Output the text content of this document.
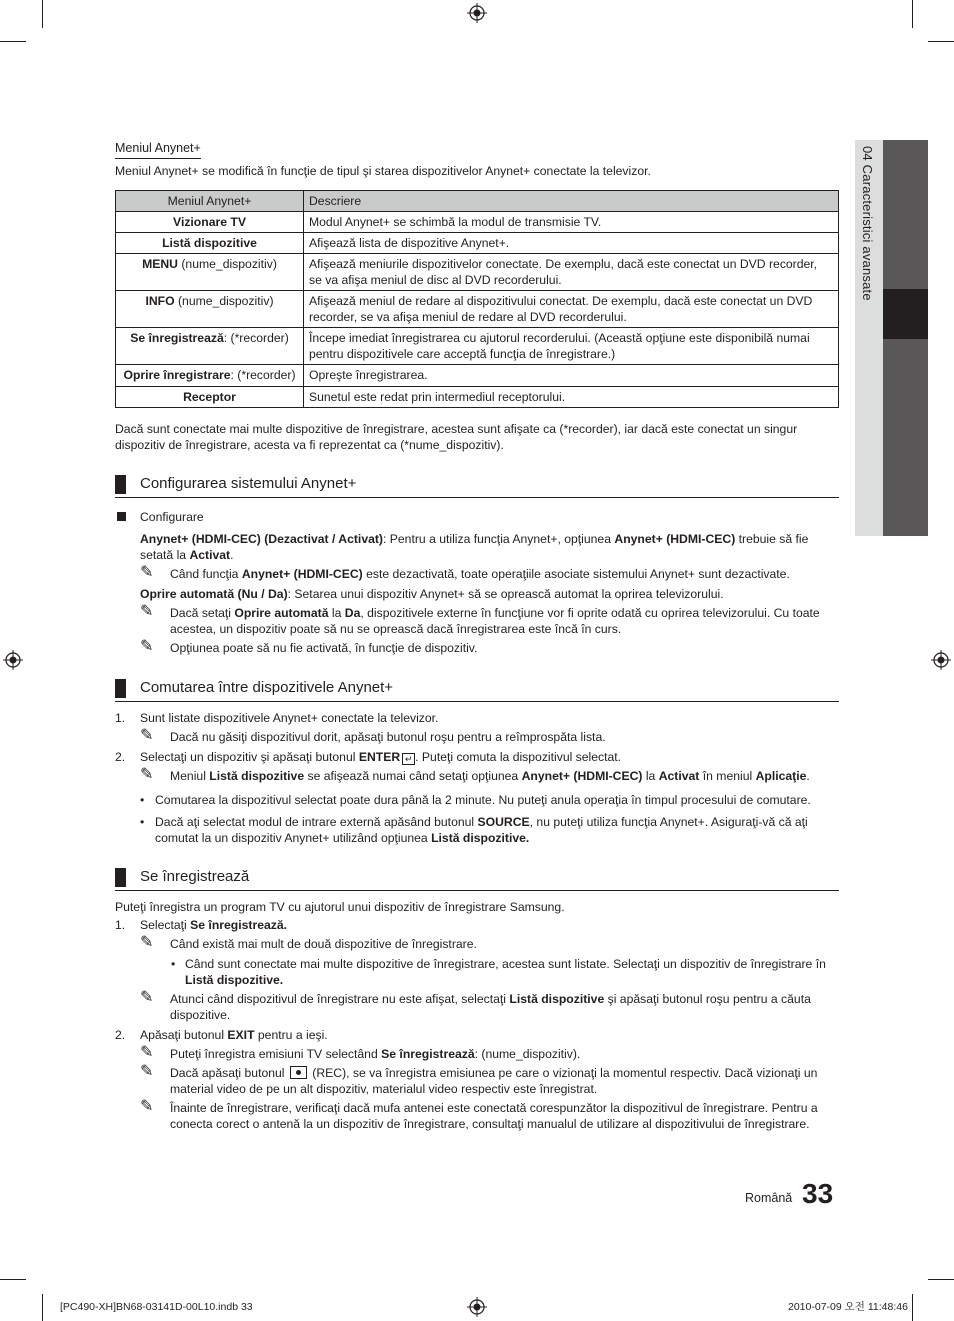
04 Caracteristici avansate
Meniul Anynet+
Meniul Anynet+ se modifică în funcţie de tipul şi starea dispozitivelor Anynet+ conectate la televizor.
Meniul Anynet+	Descriere
Vizionare TV	Modul Anynet+ se schimbă la modul de transmisie TV.
Listă dispozitive	Afişează lista de dispozitive Anynet+.
MENU (nume_dispozitiv)	Afişează meniurile dispozitivelor conectate. De exemplu, dacă este conectat un DVD recorder, se va afişa meniul de disc al DVD recorderului.
INFO (nume_dispozitiv)	Afişează meniul de redare al dispozitivului conectat. De exemplu, dacă este conectat un DVD recorder, se va afişa meniul de redare al DVD recorderului.
Se înregistrează: (*recorder)	Începe imediat înregistrarea cu ajutorul recorderului. (Această opţiune este disponibilă numai pentru dispozitivele care acceptă funcţia de înregistrare.)
Oprire înregistrare: (*recorder)	Opreşte înregistrarea.
Receptor	Sunetul este redat prin intermediul receptorului.
Dacă sunt conectate mai multe dispozitive de înregistrare, acestea sunt afişate ca (*recorder), iar dacă este conectat un singur dispozitiv de înregistrare, acesta va fi reprezentat ca (*nume_dispozitiv).
Configurarea sistemului Anynet+
Configurare
Anynet+ (HDMI-CEC) (Dezactivat / Activat): Pentru a utiliza funcţia Anynet+, opţiunea Anynet+ (HDMI-CEC) trebuie să fie setată la Activat.
✎ Când funcţia Anynet+ (HDMI-CEC) este dezactivată, toate operaţiile asociate sistemului Anynet+ sunt dezactivate.
Oprire automată (Nu / Da): Setarea unui dispozitiv Anynet+ să se oprească automat la oprirea televizorului.
✎ Dacă setaţi Oprire automată la Da, dispozitivele externe în funcţiune vor fi oprite odată cu oprirea televizorului. Cu toate acestea, un dispozitiv poate să nu se oprească dacă înregistrarea este încă în curs.
✎ Opţiunea poate să nu fie activată, în funcţie de dispozitiv.
Comutarea între dispozitivele Anynet+
1. Sunt listate dispozitivele Anynet+ conectate la televizor.
✎ Dacă nu găsiţi dispozitivul dorit, apăsaţi butonul roşu pentru a reîmprospăta lista.
2. Selectaţi un dispozitiv şi apăsaţi butonul ENTER ↵ . Puteţi comuta la dispozitivul selectat.
✎ Meniul Listă dispozitive se afişează numai când setaţi opţiunea Anynet+ (HDMI-CEC) la Activat în meniul Aplicaţie.
• Comutarea la dispozitivul selectat poate dura până la 2 minute. Nu puteţi anula operaţia în timpul procesului de comutare.
• Dacă aţi selectat modul de intrare externă apăsând butonul SOURCE, nu puteţi utiliza funcţia Anynet+. Asiguraţi-vă că aţi comutat la un dispozitiv Anynet+ utilizând opţiunea Listă dispozitive.
Se înregistrează
Puteţi înregistra un program TV cu ajutorul unui dispozitiv de înregistrare Samsung.
1. Selectaţi Se înregistrează.
✎ Când există mai mult de două dispozitive de înregistrare.
• Când sunt conectate mai multe dispozitive de înregistrare, acestea sunt listate. Selectaţi un dispozitiv de înregistrare în Listă dispozitive.
✎ Atunci când dispozitivul de înregistrare nu este afişat, selectaţi Listă dispozitive şi apăsaţi butonul roşu pentru a căuta dispozitive.
2. Apăsaţi butonul EXIT pentru a ieşi.
✎ Puteţi înregistra emisiuni TV selectând Se înregistrează: (nume_dispozitiv).
✎ Dacă apăsaţi butonul  (REC), se va înregistra emisiunea pe care o vizionaţi la momentul respectiv. Dacă vizionaţi un material video de pe un alt dispozitiv, materialul video respectiv este înregistrat.
✎ Înainte de înregistrare, verificaţi dacă mufa antenei este conectată corespunzător la dispozitivul de înregistrare. Pentru a conecta corect o antenă la un dispozitiv de înregistrare, consultaţi manualul de utilizare al dispozitivului de înregistrare.
Română 33
[PC490-XH]BN68-03141D-00L10.indb 33	2010-07-09 오전 11:48:46
